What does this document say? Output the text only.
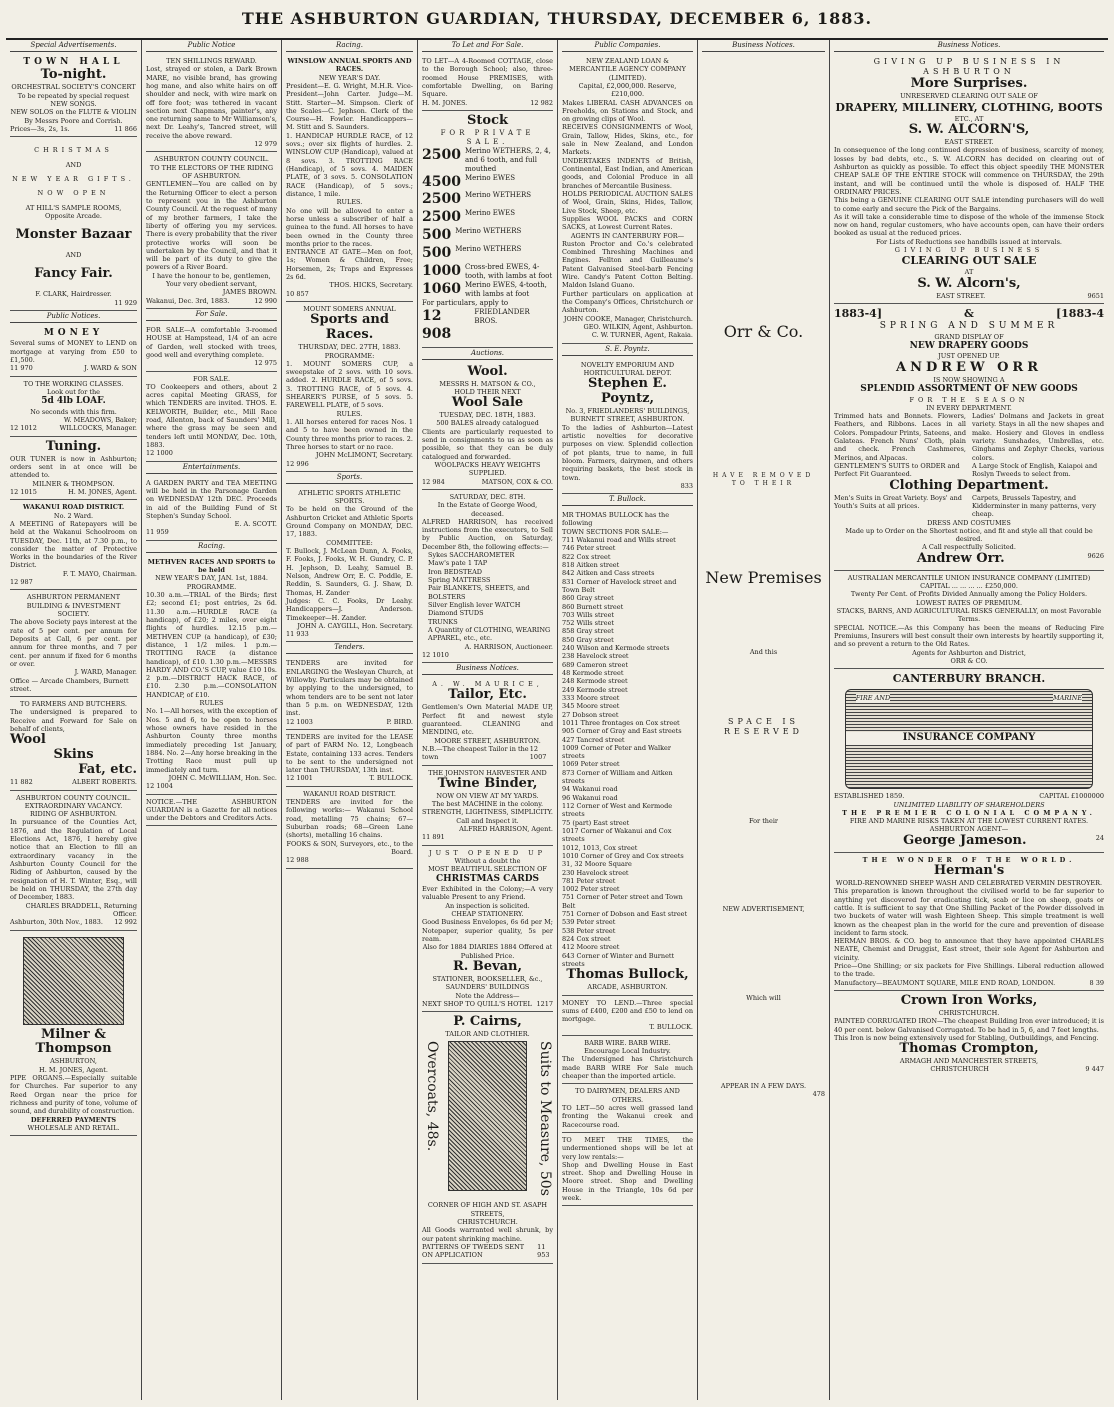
THE ASHBURTON GUARDIAN, THURSDAY, DECEMBER 6, 1883.
Special Advertisements.
TOWN HALL
To-night.
ORCHESTRAL SOCIETY'S CONCERT
To be repeated by special request
NEW SONGS.
NEW SOLOS on the FLUTE & VIOLIN
By Messrs Poore and Corrish.
Prices—3s, 2s, 1s.	11 866
CHRISTMAS
AND
NEW YEAR GIFTS.
NOW OPEN
AT HILL'S SAMPLE ROOMS,
Opposite Arcade.
Monster Bazaar
AND
Fancy Fair.
F. CLARK, Hairdresser.
11 929
Public Notices.
MONEY
Several sums of MONEY to LEND on mortgage at varying from £50 to £1,500.
11 970	J. WARD & SON
TO THE WORKING CLASSES.
Look out for the
5d 4lb LOAF.
No seconds with this firm.
W. MEADOWS, Baker;
12 1012	WILLCOCKS, Manager.
Tuning.
OUR TUNER is now in Ashburton; orders sent in at once will be attended to.
MILNER & THOMPSON.
12 1015	H. M. JONES, Agent.
WAKANUI ROAD DISTRICT.
No. 2 Ward.
A MEETING of Ratepayers will be held at the Wakanui Schoolroom on TUESDAY, Dec. 11th, at 7.30 p.m., to consider the matter of Protective Works in the boundaries of the River District.
F. T. MAYO, Chairman.
12 987
ASHBURTON PERMANENT BUILDING & INVESTMENT SOCIETY.
The above Society pays interest at the rate of 5 per cent. per annum for Deposits at Call, 6 per cent. per annum for three months, and 7 per cent. per annum if fixed for 6 months or over.
J. WARD, Manager.
Office — Arcade Chambers, Burnett street.
TO FARMERS AND BUTCHERS.
The undersigned is prepared to Receive and Forward for Sale on behalf of clients,
Wool
Skins
Fat, etc.
11 882	ALBERT ROBERTS.
ASHBURTON COUNTY COUNCIL.
EXTRAORDINARY VACANCY.
RIDING OF ASHBURTON.
In pursuance of the Counties Act, 1876, and the Regulation of Local Elections Act, 1876, I hereby give notice that an Election to fill an extraordinary vacancy in the Ashburton County Council for the Riding of Ashburton, caused by the resignation of H. T. Winter, Esq., will be held on THURSDAY, the 27th day of December, 1883.
CHARLES BRADDELL, Returning Officer.
Ashburton, 30th Nov., 1883. 12 992
Milner & Thompson
ASHBURTON,
H. M. JONES, Agent.
PIPE ORGANS.—Especially suitable for Churches. Far superior to any Reed Organ near the price for richness and purity of tone, volume of sound, and durability of construction.
DEFERRED PAYMENTS
WHOLESALE AND RETAIL.
Public Notice
TEN SHILLINGS REWARD.
Lost, strayed or stolen, a Dark Brown MARE, no visible brand, has growing hog mane, and also white hairs on off shoulder and neck, with wire mark on off fore foot; was tethered in vacant section next Chapmans, painter's, any one returning same to Mr Williamson's, next Dr. Leahy's, Tancred street, will receive the above reward.
12 979
ASHBURTON COUNTY COUNCIL.
TO THE ELECTORS OF THE RIDING OF ASHBURTON.
GENTLEMEN—You are called on by the Returning Officer to elect a person to represent you in the Ashburton County Council. At the request of many of my brother farmers, I take the liberty of offering you my services. There is every probability that the river protective works will soon be undertaken by the Council, and that it will be part of its duty to give the powers of a River Board.
I have the honour to be, gentlemen, Your very obedient servant,
JAMES BROWN.
Wakanui, Dec. 3rd, 1883.	12 990
For Sale.
FOR SALE—A comfortable 3-roomed HOUSE at Hampstead, 1/4 of an acre of Garden, well stocked with trees, good well and everything complete.
12 975
FOR SALE.
TO Cookeepers and others, about 2 acres capital Meeting GRASS, for which TENDERS are invited. THOS. E. KELWORTH, Builder, etc., Mill Race road, Allenton, back of Saunders' Mill, where the grass may be seen and tenders left until MONDAY, Dec. 10th, 1883.
12 1000
Entertainments.
A GARDEN PARTY and TEA MEETING will be held in the Parsonage Garden on WEDNESDAY 12th DEC. Proceeds in aid of the Building Fund of St Stephen's Sunday School.
E. A. SCOTT.
11 959
Racing.
METHVEN RACES AND SPORTS to be held
NEW YEAR'S DAY, JAN. 1st, 1884.
PROGRAMME.
10.30 a.m.—TRIAL of the Birds; first £2; second £1; post entries, 2s 6d. 11.30 a.m.—HURDLE RACE (a handicap), of £20; 2 miles, over eight flights of hurdles. 12.15 p.m.—METHVEN CUP (a handicap), of £30; distance, 1 1/2 miles. 1 p.m.—TROTTING RACE (a distance handicap), of £10. 1.30 p.m.—MESSRS HARDY AND CO.'S CUP, value £10 10s. 2 p.m.—DISTRICT HACK RACE, of £10. 2.30 p.m.—CONSOLATION HANDICAP, of £10.
RULES
No. 1—All horses, with the exception of Nos. 5 and 6, to be open to horses whose owners have resided in the Ashburton County three months immediately preceding 1st January, 1884. No. 2—Any horse breaking in the Trotting Race must pull up immediately and turn.
JOHN C. McWILLIAM, Hon. Sec.
12 1004
NOTICE.—THE ASHBURTON GUARDIAN is a Gazette for all notices under the Debtors and Creditors Acts.
Racing.
WINSLOW ANNUAL SPORTS AND RACES.
NEW YEAR'S DAY.
President—E. G. Wright, M.H.R. Vice-President—John Carter. Judge—M. Stitt. Starter—M. Simpson. Clerk of the Scales—C. Jephson. Clerk of the Course—H. Fowler. Handicappers—M. Stitt and S. Saunders.
1. HANDICAP HURDLE RACE, of 12 sovs.; over six flights of hurdles. 2. WINSLOW CUP (Handicap), valued at 8 sovs. 3. TROTTING RACE (Handicap), of 5 sovs. 4. MAIDEN PLATE, of 3 sovs. 5. CONSOLATION RACE (Handicap), of 5 sovs.; distance, 1 mile.
RULES.
No one will be allowed to enter a horse unless a subscriber of half a guinea to the fund. All horses to have been owned in the County three months prior to the races.
ENTRANCE AT GATE—Men on foot, 1s; Women & Children, Free; Horsemen, 2s; Traps and Expresses 2s 6d.
THOS. HICKS, Secretary.
10 857
MOUNT SOMERS ANNUAL
Sports and Races.
THURSDAY, DEC. 27TH, 1883.
PROGRAMME:
1. MOUNT SOMERS CUP, a sweepstake of 2 sovs. with 10 sovs. added. 2. HURDLE RACE, of 5 sovs. 3. TROTTING RACE, of 5 sovs. 4. SHEARER'S PURSE, of 5 sovs. 5. FAREWELL PLATE, of 5 sovs.
RULES.
1. All horses entered for races Nos. 1 and 5 to have been owned in the County three months prior to races. 2. Three horses to start or no race.
JOHN McLIMONT, Secretary.
12 996
Sports.
ATHLETIC SPORTS ATHLETIC SPORTS.
To be held on the Ground of the Ashburton Cricket and Athletic Sports Ground Company on MONDAY, DEC. 17, 1883.
COMMITTEE:
T. Bullock, J. McLean Dunn, A. Fooks, F. Fooks, J. Fooks, W. H. Gundry, C. P. H. Jephson, D. Leahy, Samuel B. Nelson, Andrew Orr, E. C. Poddle, E. Reddin, S. Saunders, G. J. Shaw, D. Thomas, H. Zander
Judges: C. C. Fooks, Dr Leahy. Handicappers—J. Anderson. Timekeeper—H. Zander.
JOHN A. CAYGILL, Hon. Secretary.
11 933
Tenders.
TENDERS are invited for ENLARGING the Wesleyan Church, at Willowby. Particulars may be obtained by applying to the undersigned, to whom tenders are to be sent not later than 5 p.m. on WEDNESDAY, 12th inst.
12 1003	P. BIRD.
TENDERS are invited for the LEASE of part of FARM No. 12, Longbeach Estate, containing 133 acres. Tenders to be sent to the undersigned not later than THURSDAY, 13th inst.
12 1001	T. BULLOCK.
WAKANUI ROAD DISTRICT.
TENDERS are invited for the following works:— Wakanui School road, metalling 75 chains; 67—Suburban roads; 68—Green Lane (shorts), metalling 16 chains.
FOOKS & SON, Surveyors, etc., to the Board.
12 988
To Let and For Sale.
TO LET—A 4-Roomed COTTAGE, close to the Borough School; also, three-roomed House PREMISES, with comfortable Dwelling, on Baring Square.
H. M. JONES.	12 982
Stock
FOR PRIVATE SALE.
2500 Merino WETHERS, 2, 4, and 6 tooth, and full mouthed
4500 Merino EWES
2500 Merino WETHERS
2500 Merino EWES
500 Merino WETHERS
500 Merino WETHERS
1000 Cross-bred EWES, 4-tooth, with lambs at foot
1060 Merino EWES, 4-tooth, with lambs at foot
For particulars, apply to
12 908
FRIEDLANDER BROS.
Auctions.
Wool.
MESSRS H. MATSON & CO.,
HOLD THEIR NEXT
Wool Sale
TUESDAY, DEC. 18TH, 1883.
500 BALES already catalogued
Clients are particularly requested to send in consignments to us as soon as possible, so that they can be duly catalogued and forwarded.
WOOLPACKS HEAVY WEIGHTS SUPPLIED.
12 984	MATSON, COX & CO.
SATURDAY, DEC. 8TH.
In the Estate of George Wood, deceased.
ALFRED HARRISON, has received instructions from the executors, to Sell by Public Auction, on Saturday, December 8th, the following effects:—
Sykes SACCHAROMETER
Maw's pate 1 TAP
Iron BEDSTEAD
Spring MATTRESS
Pair BLANKETS, SHEETS, and BOLSTERS
Silver English lever WATCH
Diamond STUDS
TRUNKS
A Quantity of CLOTHING, WEARING APPAREL, etc., etc.
A. HARRISON, Auctioneer.
12 1010
Business Notices.
A. W. MAURICE,
Tailor, Etc.
Gentlemen's Own Material MADE UP, Perfect fit and newest style guaranteed. CLEANING and MENDING, etc.
MOORE STREET, ASHBURTON.
N.B.—The cheapest Tailor in the town
12 1007
THE JOHNSTON HARVESTER AND
Twine Binder,
NOW ON VIEW AT MY YARDS.
The best MACHINE in the colony.
STRENGTH, LIGHTNESS, SIMPLICITY.
Call and Inspect it.
ALFRED HARRISON, Agent.
11 891
JUST OPENED UP
Without a doubt the
MOST BEAUTIFUL SELECTION OF
CHRISTMAS CARDS
Ever Exhibited in the Colony;—A very valuable Present to any Friend.
An inspection is solicited.
CHEAP STATIONERY.
Good Business Envelopes, 6s 6d per M; Notepaper, superior quality, 5s per ream.
Also for 1884 DIARIES 1884 Offered at Published Price.
R. Bevan,
STATIONER, BOOKSELLER, &c.,
SAUNDERS' BUILDINGS
Note the Address—
NEXT SHOP TO QUILL'S HOTEL 1217
P. Cairns,
TAILOR AND CLOTHIER.
Overcoats, 48s.	Suits to Measure, 50s
CORNER OF HIGH AND ST. ASAPH STREETS,
CHRISTCHURCH.
All Goods warranted well shrunk, by our patent shrinking machine.
PATTERNS OF TWEEDS SENT ON APPLICATION
11 953
Public Companies.
NEW ZEALAND LOAN & MERCANTILE AGENCY COMPANY (LIMITED).
Capital, £2,000,000. Reserve, £210,000.
Makes LIBERAL CASH ADVANCES on Freeholds, on Stations and Stock, and on growing clips of Wool.
RECEIVES CONSIGNMENTS of Wool, Grain, Tallow, Hides, Skins, etc., for sale in New Zealand, and London Markets.
UNDERTAKES INDENTS of British, Continental, East Indian, and American goods, and Colonial Produce in all branches of Mercantile Business.
HOLDS PERIODICAL AUCTION SALES of Wool, Grain, Skins, Hides, Tallow, Live Stock, Sheep, etc.
Supplies WOOL PACKS and CORN SACKS, at Lowest Current Rates.
AGENTS IN CANTERBURY FOR—
Ruston Proctor and Co.'s celebrated Combined Threshing Machines and Engines. Fellton and Guilleaume's Patent Galvanised Steel-barb Fencing Wire. Candy's Patent Cotton Belting. Maldon Island Guano.
Further particulars on application at the Company's Offices, Christchurch or Ashburton.
JOHN COOKE, Manager, Christchurch.
GEO. WILKIN, Agent, Ashburton.
C. W. TURNER, Agent, Rakaia.
S. E. Poyntz.
NOVELTY EMPORIUM AND HORTICULTURAL DEPOT.
Stephen E. Poyntz,
No. 3, FRIEDLANDERS' BUILDINGS, BURNETT STREET, ASHBURTON.
To the ladies of Ashburton—Latest artistic novelties for decorative purposes on view. Splendid collection of pot plants, true to name, in full bloom. Farmers, dairymen, and others requiring baskets, the best stock in town.
833
T. Bullock.
MR THOMAS BULLOCK has the following
TOWN SECTIONS FOR SALE:—
711 Wakanui road and Wills street
746 Peter street
822 Cox street
818 Aitken street
842 Aitken and Cass streets
831 Corner of Havelock street and Town Belt
860 Gray street
860 Burnett street
703 Wills street
752 Wills street
858 Gray street
850 Gray street
240 Wilson and Kermode streets
238 Havelock street
689 Cameron street
48 Kermode street
248 Kermode street
249 Kermode street
333 Moore street
345 Moore street
27 Dobson street
1011 Three frontages on Cox street
905 Corner of Gray and East streets
427 Tancred street
1009 Corner of Peter and Walker streets
1069 Peter street
873 Corner of William and Aitken streets
94 Wakanui road
96 Wakanui road
112 Corner of West and Kermode streets
75 (part) East street
1017 Corner of Wakanui and Cox streets
1012, 1013, Cox street
1010 Corner of Grey and Cox streets
31, 32 Moore Square
230 Havelock street
781 Peter street
1002 Peter street
751 Corner of Peter street and Town Belt
751 Corner of Dobson and East street
539 Peter street
538 Peter street
824 Cox street
412 Moore street
643 Corner of Winter and Burnett streets
Thomas Bullock,
ARCADE, ASHBURTON.
MONEY TO LEND.—Three special sums of £400, £200 and £50 to lend on mortgage.
T. BULLOCK.
BARB WIRE. BARB WIRE.
Encourage Local Industry.
The Undersigned has Christchurch made BARB WIRE For Sale much cheaper than the imported article.
TO DAIRYMEN, DEALERS AND OTHERS.
TO LET—50 acres well grassed land fronting the Wakanui creek and Racecourse road.
TO MEET THE TIMES, the undermentioned shops will be let at very low rentals:—
Shop and Dwelling House in East street. Shop and Dwelling House in Moore street. Shop and Dwelling House in the Triangle, 10s 6d per week.
Business Notices.
Orr & Co.
HAVE REMOVED TO THEIR
New Premises
And this
SPACE IS RESERVED
For their
NEW ADVERTISEMENT,
Which will
APPEAR IN A FEW DAYS.
478
Business Notices.
GIVING UP BUSINESS IN ASHBURTON
More Surprises.
UNRESERVED CLEARING OUT SALE OF
DRAPERY, MILLINERY, CLOTHING, BOOTS
ETC., AT
S. W. ALCORN'S,
EAST STREET.
In consequence of the long continued depression of business, scarcity of money, losses by bad debts, etc., S. W. ALCORN has decided on clearing out of Ashburton as quickly as possible. To effect this object speedily THE MONSTER CHEAP SALE OF THE ENTIRE STOCK will commence on THURSDAY, the 29th instant, and will be continued until the whole is disposed of. HALF THE ORDINARY PRICES.
This being a GENUINE CLEARING OUT SALE intending purchasers will do well to come early and secure the Pick of the Bargains.
As it will take a considerable time to dispose of the whole of the immense Stock now on hand, regular customers, who have accounts open, can have their orders booked as usual at the reduced prices.
For Lists of Reductions see handbills issued at intervals.
GIVING UP BUSINESS
CLEARING OUT SALE
AT
S. W. Alcorn's,
EAST STREET.	9651
1883-4]	&	[1883-4
SPRING AND SUMMER
GRAND DISPLAY OF
NEW DRAPERY GOODS
JUST OPENED UP.
ANDREW ORR
IS NOW SHOWING A
SPLENDID ASSORTMENT OF NEW GOODS
FOR THE SEASON
IN EVERY DEPARTMENT.
Trimmed hats and Bonnets. Flowers, Feathers, and Ribbons. Laces in all Colors. Pompadour Prints, Sateens, and Galateas. French Nuns' Cloth, plain and check. French Cashmeres, Merinos, and Alpacas.
Ladies' Dolmans and Jackets in great variety. Stays in all the new shapes and make. Hosiery and Gloves in endless variety. Sunshades, Umbrellas, etc. Ginghams and Zephyr Checks, various colors.
GENTLEMEN'S SUITS to ORDER and Perfect Fit Guaranteed.
A Large Stock of English, Kaiapoi and Roslyn Tweeds to select from.
Clothing Department.
Men's Suits in Great Variety. Boys' and Youth's Suits at all prices.
Carpets, Brussels Tapestry, and Kidderminster in many patterns, very cheap.
DRESS AND COSTUMES
Made up to Order on the Shortest notice, and fit and style all that could be desired.
A Call respectfully Solicited.
Andrew Orr.	9626
AUSTRALIAN MERCANTILE UNION INSURANCE COMPANY (LIMITED)
CAPITAL ... ... ... ... £250,000.
Twenty Per Cent. of Profits Divided Annually among the Policy Holders.
LOWEST RATES OF PREMIUM.
STACKS, BARNS, AND AGRICULTURAL RISKS GENERALLY, on most Favorable Terms.
SPECIAL NOTICE.—As this Company has been the means of Reducing Fire Premiums, Insurers will best consult their own interests by heartily supporting it, and so prevent a return to the Old Rates.
Agents for Ashburton and District,
ORR & CO.
CANTERBURY BRANCH.
FIRE AND	MARINE
INSURANCE COMPANY
ESTABLISHED 1859.	CAPITAL £1000000
UNLIMITED LIABILITY OF SHAREHOLDERS
THE PREMIER COLONIAL COMPANY.
FIRE AND MARINE RISKS TAKEN AT THE LOWEST CURRENT RATES.
ASHBURTON AGENT—
George Jameson.	24
THE WONDER OF THE WORLD.
Herman's
WORLD-RENOWNED SHEEP WASH AND CELEBRATED VERMIN DESTROYER.
This preparation is known throughout the civilised world to be far superior to anything yet discovered for eradicating tick, scab or lice on sheep, goats or cattle. It is sufficient to say that One Shilling Packet of the Powder dissolved in two buckets of water will wash Eighteen Sheep. This simple treatment is well known as the cheapest plan in the world for the cure and prevention of disease incident to farm stock.
HERMAN BROS. & CO. beg to announce that they have appointed CHARLES NEATE, Chemist and Druggist, East street, their sole Agent for Ashburton and vicinity.
Price—One Shilling; or six packets for Five Shillings. Liberal reduction allowed to the trade.
Manufactory—BEAUMONT SQUARE, MILE END ROAD, LONDON.	8 39
Crown Iron Works,
CHRISTCHURCH.
PAINTED CORRUGATED IRON—The cheapest Building Iron ever introduced; it is 40 per cent. below Galvanised Corrugated. To be had in 5, 6, and 7 feet lengths.
This Iron is now being extensively used for Stabling, Outbuildings, and Fencing.
Thomas Crompton,
ARMAGH AND MANCHESTER STREETS,
CHRISTCHURCH	9 447
